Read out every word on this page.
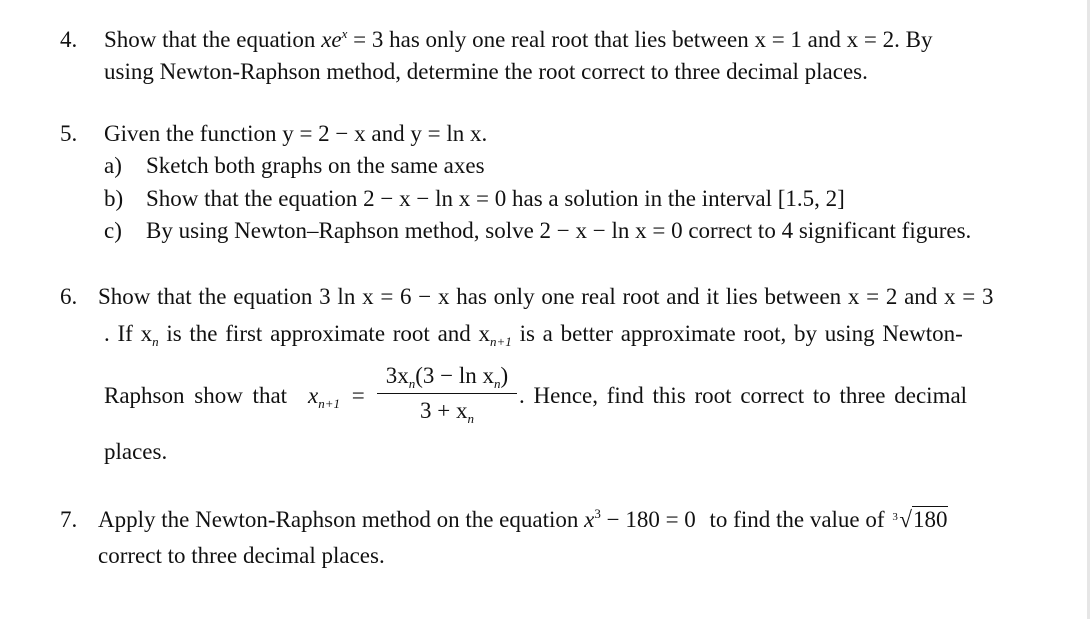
4. Show that the equation $xe^x = 3$ has only one real root that lies between x = 1 and x = 2. By
using Newton-Raphson method, determine the root correct to three decimal places.
5. Given the function y = 2 − x and y = ln x.
a) Sketch both graphs on the same axes
b) Show that the equation 2 − x − ln x = 0 has a solution in the interval [1.5, 2]
c) By using Newton–Raphson method, solve 2 − x − ln x = 0 correct to 4 significant figures.
6. Show that the equation 3 ln x = 6 − x has only one real root and it lies between x = 2 and x = 3
. If $x_n$ is the first approximate root and $x_{n+1}$ is a better approximate root, by using Newton-
Raphson show that $x_{n+1}$ =
$3x_n(3 - \ln x_n)$
$3 + x_n$
. Hence, find this root correct to three decimal
places.
7. Apply the Newton-Raphson method on the equation $x^3 - 180 = 0$ to find the value of 3 √180
correct to three decimal places.
